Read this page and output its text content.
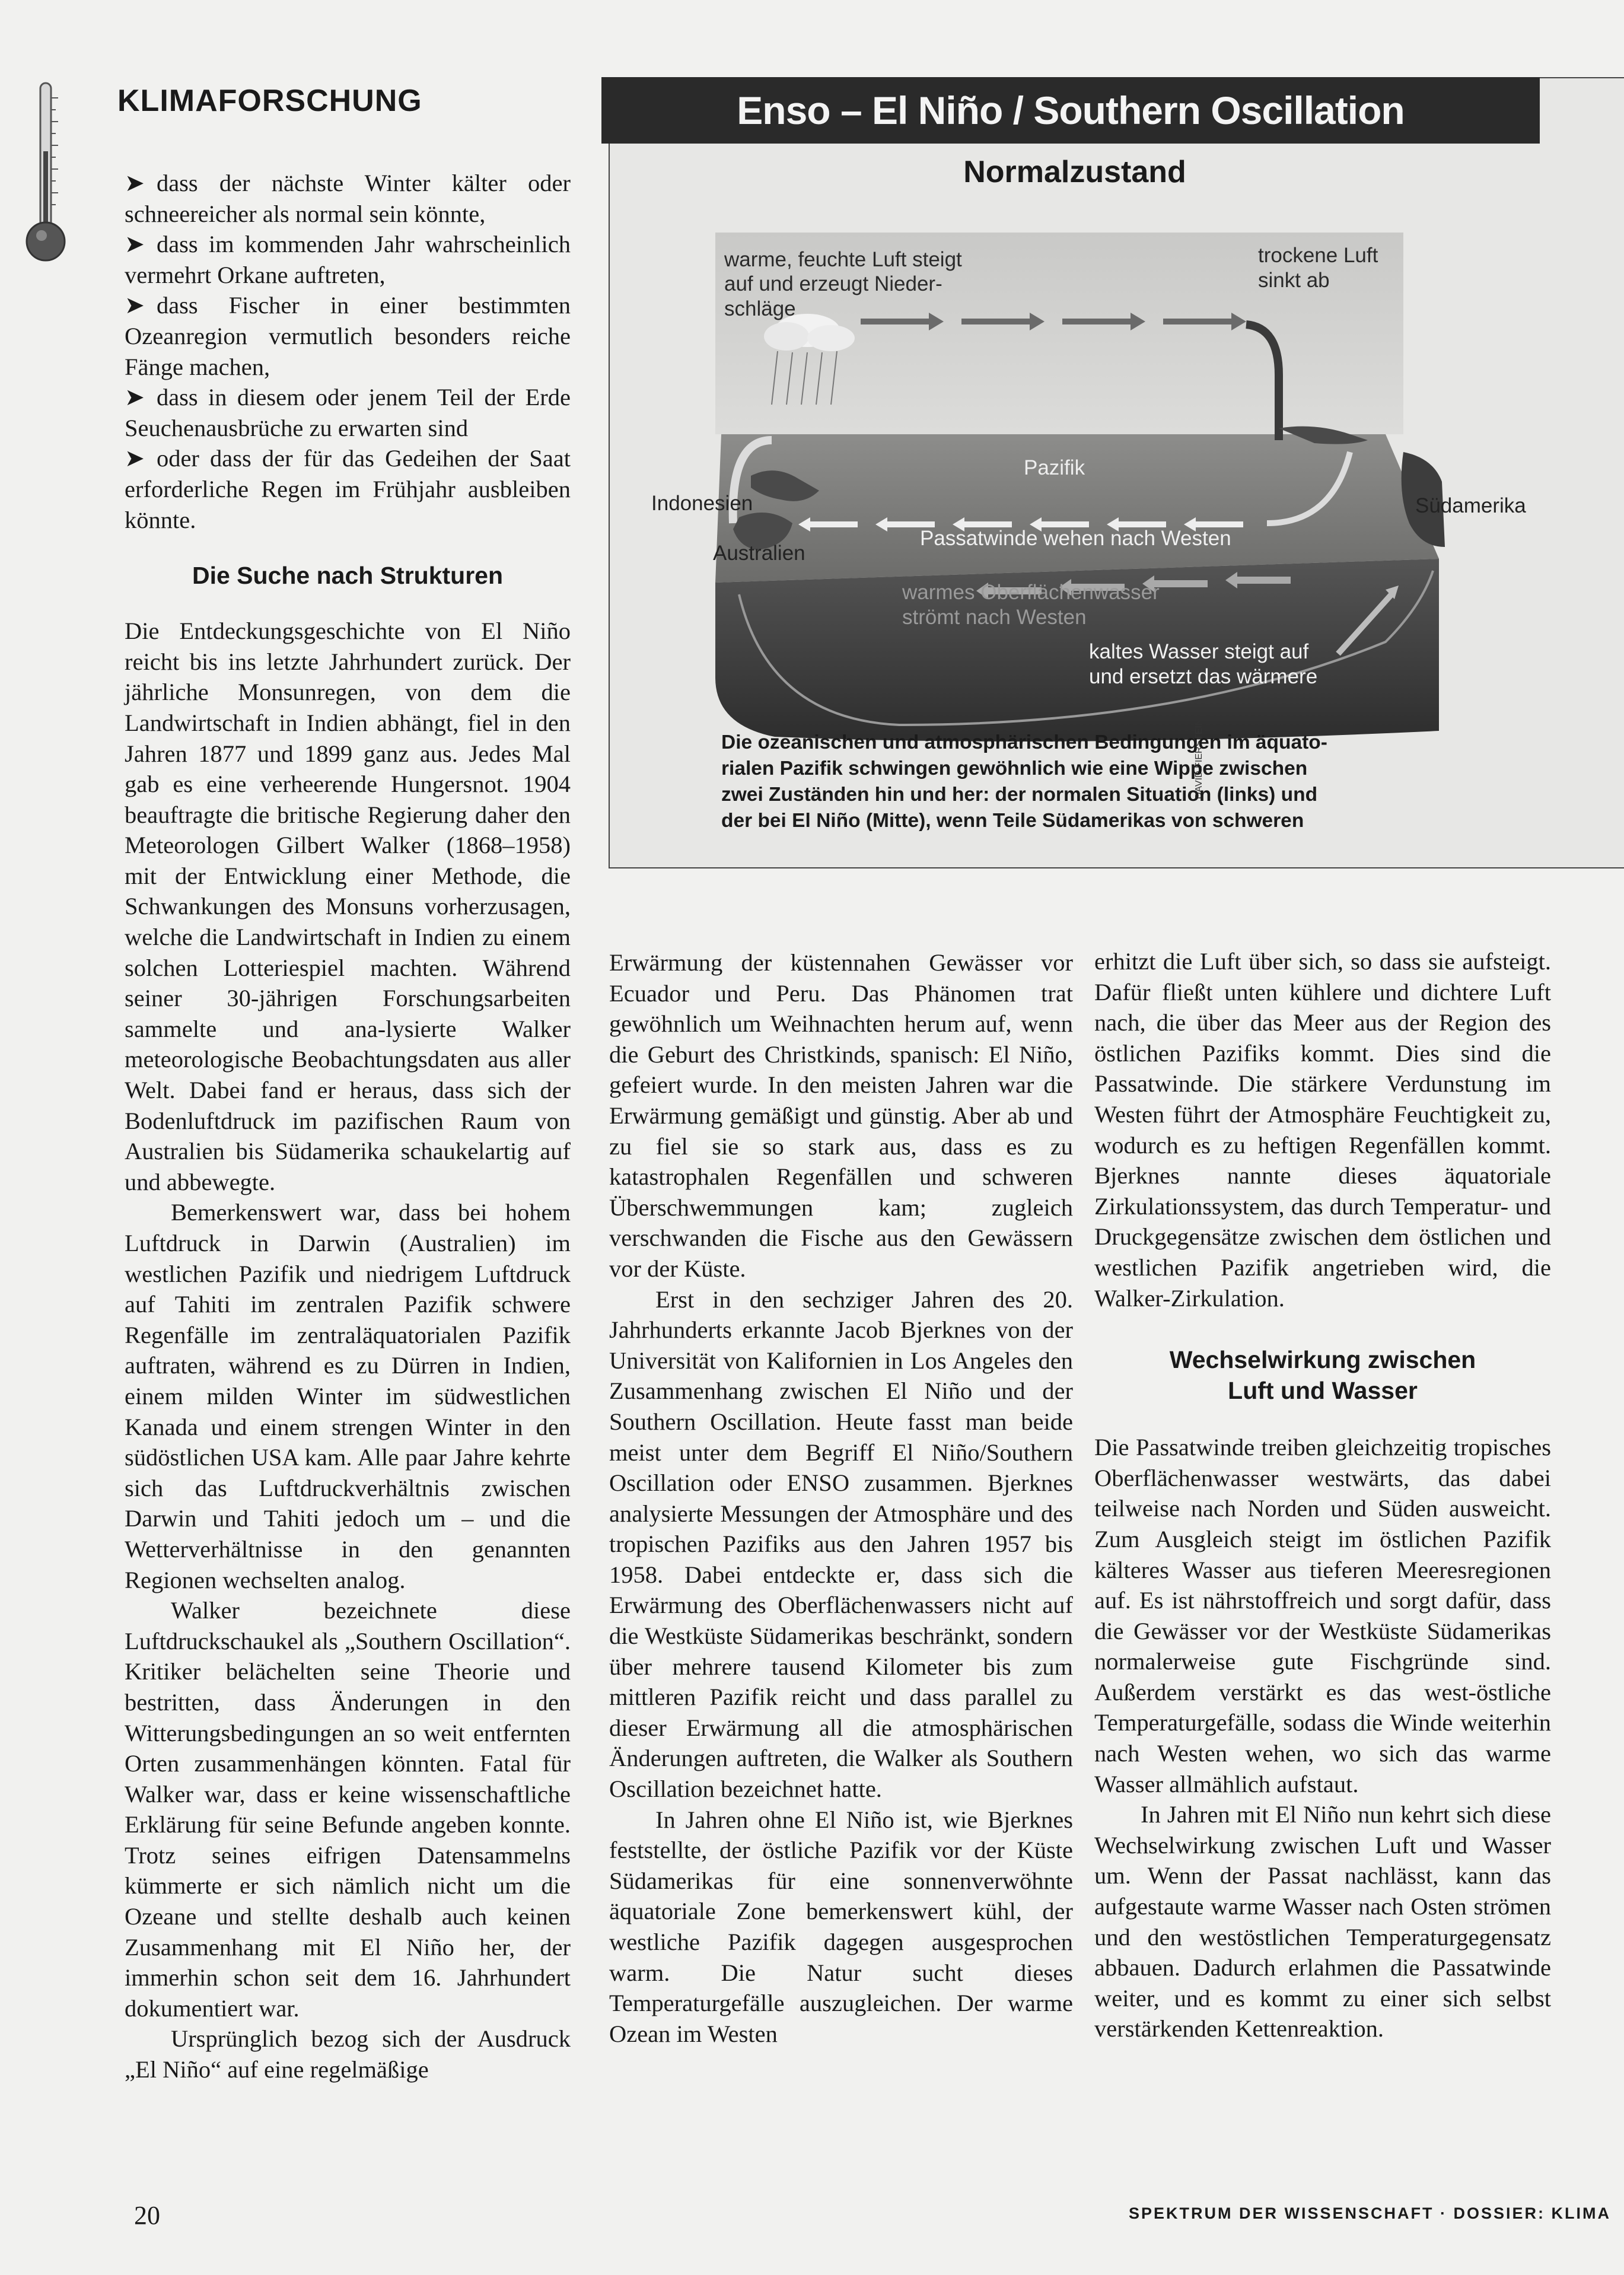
KLIMAFORSCHUNG

➤ dass der nächste Winter kälter oder schneereicher als normal sein könnte,

➤ dass im kommenden Jahr wahrscheinlich vermehrt Orkane auftreten,

➤ dass Fischer in einer bestimmten Ozeanregion vermutlich besonders reiche Fänge machen,

➤ dass in diesem oder jenem Teil der Erde Seuchenausbrüche zu erwarten sind

➤ oder dass der für das Gedeihen der Saat erforderliche Regen im Frühjahr ausbleiben könnte.

Die Suche nach Strukturen

Die Entdeckungsgeschichte von El Niño reicht bis ins letzte Jahrhundert zurück. Der jährliche Monsunregen, von dem die Landwirtschaft in Indien abhängt, fiel in den Jahren 1877 und 1899 ganz aus. Jedes Mal gab es eine verheerende Hungersnot. 1904 beauftragte die britische Regierung daher den Meteorologen Gilbert Walker (1868–1958) mit der Entwicklung einer Methode, die Schwankungen des Monsuns vorherzusagen, welche die Landwirtschaft in Indien zu einem solchen Lotteriespiel machten. Während seiner 30-jährigen Forschungsarbeiten sammelte und ana-lysierte Walker meteorologische Beobachtungsdaten aus aller Welt. Dabei fand er heraus, dass sich der Bodenluftdruck im pazifischen Raum von Australien bis Südamerika schaukelartig auf und abbewegte.

Bemerkenswert war, dass bei hohem Luftdruck in Darwin (Australien) im westlichen Pazifik und niedrigem Luftdruck auf Tahiti im zentralen Pazifik schwere Regenfälle im zentraläquatorialen Pazifik auftraten, während es zu Dürren in Indien, einem milden Winter im südwestlichen Kanada und einem strengen Winter in den südöstlichen USA kam. Alle paar Jahre kehrte sich das Luftdruckverhältnis zwischen Darwin und Tahiti jedoch um – und die Wetterverhältnisse in den genannten Regionen wechselten analog.

Walker bezeichnete diese Luftdruckschaukel als „Southern Oscillation“. Kritiker belächelten seine Theorie und bestritten, dass Änderungen in den Witterungsbedingungen an so weit entfernten Orten zusammenhängen könnten. Fatal für Walker war, dass er keine wissenschaftliche Erklärung für seine Befunde angeben konnte. Trotz seines eifrigen Datensammelns kümmerte er sich nämlich nicht um die Ozeane und stellte deshalb auch keinen Zusammenhang mit El Niño her, der immerhin schon seit dem 16. Jahrhundert dokumentiert war.

Ursprünglich bezog sich der Ausdruck „El Niño“ auf eine regelmäßige

Enso – El Niño / Southern Oscillation
Normalzustand
warme, feuchte Luft steigt
auf und erzeugt Nieder-
schläge
trockene Luft
sinkt ab
Pazifik
Indonesien
Australien
Südamerika
Passatwinde wehen nach Westen
warmes Oberflächenwasser
strömt nach Westen
kaltes Wasser steigt auf
und ersetzt das wärmere
DAVID FIERSTEIN

Die ozeanischen und atmosphärischen Bedingungen im äquato-

rialen Pazifik schwingen gewöhnlich wie eine Wippe zwischen

zwei Zuständen hin und her: der normalen Situation (links) und

der bei El Niño (Mitte), wenn Teile Südamerikas von schweren

Erwärmung der küstennahen Gewässer vor Ecuador und Peru. Das Phänomen trat gewöhnlich um Weihnachten herum auf, wenn die Geburt des Christkinds, spanisch: El Niño, gefeiert wurde. In den meisten Jahren war die Erwärmung gemäßigt und günstig. Aber ab und zu fiel sie so stark aus, dass es zu katastrophalen Regenfällen und schweren Überschwemmungen kam; zugleich verschwanden die Fische aus den Gewässern vor der Küste.

Erst in den sechziger Jahren des 20. Jahrhunderts erkannte Jacob Bjerknes von der Universität von Kalifornien in Los Angeles den Zusammenhang zwischen El Niño und der Southern Oscillation. Heute fasst man beide meist unter dem Begriff El Niño/Southern Oscillation oder ENSO zusammen. Bjerknes analysierte Messungen der Atmosphäre und des tropischen Pazifiks aus den Jahren 1957 bis 1958. Dabei entdeckte er, dass sich die Erwärmung des Oberflächenwassers nicht auf die Westküste Südamerikas beschränkt, sondern über mehrere tausend Kilometer bis zum mittleren Pazifik reicht und dass parallel zu dieser Erwärmung all die atmosphärischen Änderungen auftreten, die Walker als Southern Oscillation bezeichnet hatte.

In Jahren ohne El Niño ist, wie Bjerknes feststellte, der östliche Pazifik vor der Küste Südamerikas für eine sonnenverwöhnte äquatoriale Zone bemerkenswert kühl, der westliche Pazifik dagegen ausgesprochen warm. Die Natur sucht dieses Temperaturgefälle auszugleichen. Der warme Ozean im Westen

erhitzt die Luft über sich, so dass sie aufsteigt. Dafür fließt unten kühlere und dichtere Luft nach, die über das Meer aus der Region des östlichen Pazifiks kommt. Dies sind die Passatwinde. Die stärkere Verdunstung im Westen führt der Atmosphäre Feuchtigkeit zu, wodurch es zu heftigen Regenfällen kommt. Bjerknes nannte dieses äquatoriale Zirkulationssystem, das durch Temperatur- und Druckgegensätze zwischen dem östlichen und westlichen Pazifik angetrieben wird, die Walker-Zirkulation.

Wechselwirkung zwischen
Luft und Wasser

Die Passatwinde treiben gleichzeitig tropisches Oberflächenwasser westwärts, das dabei teilweise nach Norden und Süden ausweicht. Zum Ausgleich steigt im östlichen Pazifik kälteres Wasser aus tieferen Meeresregionen auf. Es ist nährstoffreich und sorgt dafür, dass die Gewässer vor der Westküste Südamerikas normalerweise gute Fischgründe sind. Außerdem verstärkt es das west-östliche Temperaturgefälle, sodass die Winde weiterhin nach Westen wehen, wo sich das warme Wasser allmählich aufstaut.

In Jahren mit El Niño nun kehrt sich diese Wechselwirkung zwischen Luft und Wasser um. Wenn der Passat nachlässt, kann das aufgestaute warme Wasser nach Osten strömen und den westöstlichen Temperaturgegensatz abbauen. Dadurch erlahmen die Passatwinde weiter, und es kommt zu einer sich selbst verstärkenden Kettenreaktion.

20	SPEKTRUM DER WISSENSCHAFT · DOSSIER: KLIMA
